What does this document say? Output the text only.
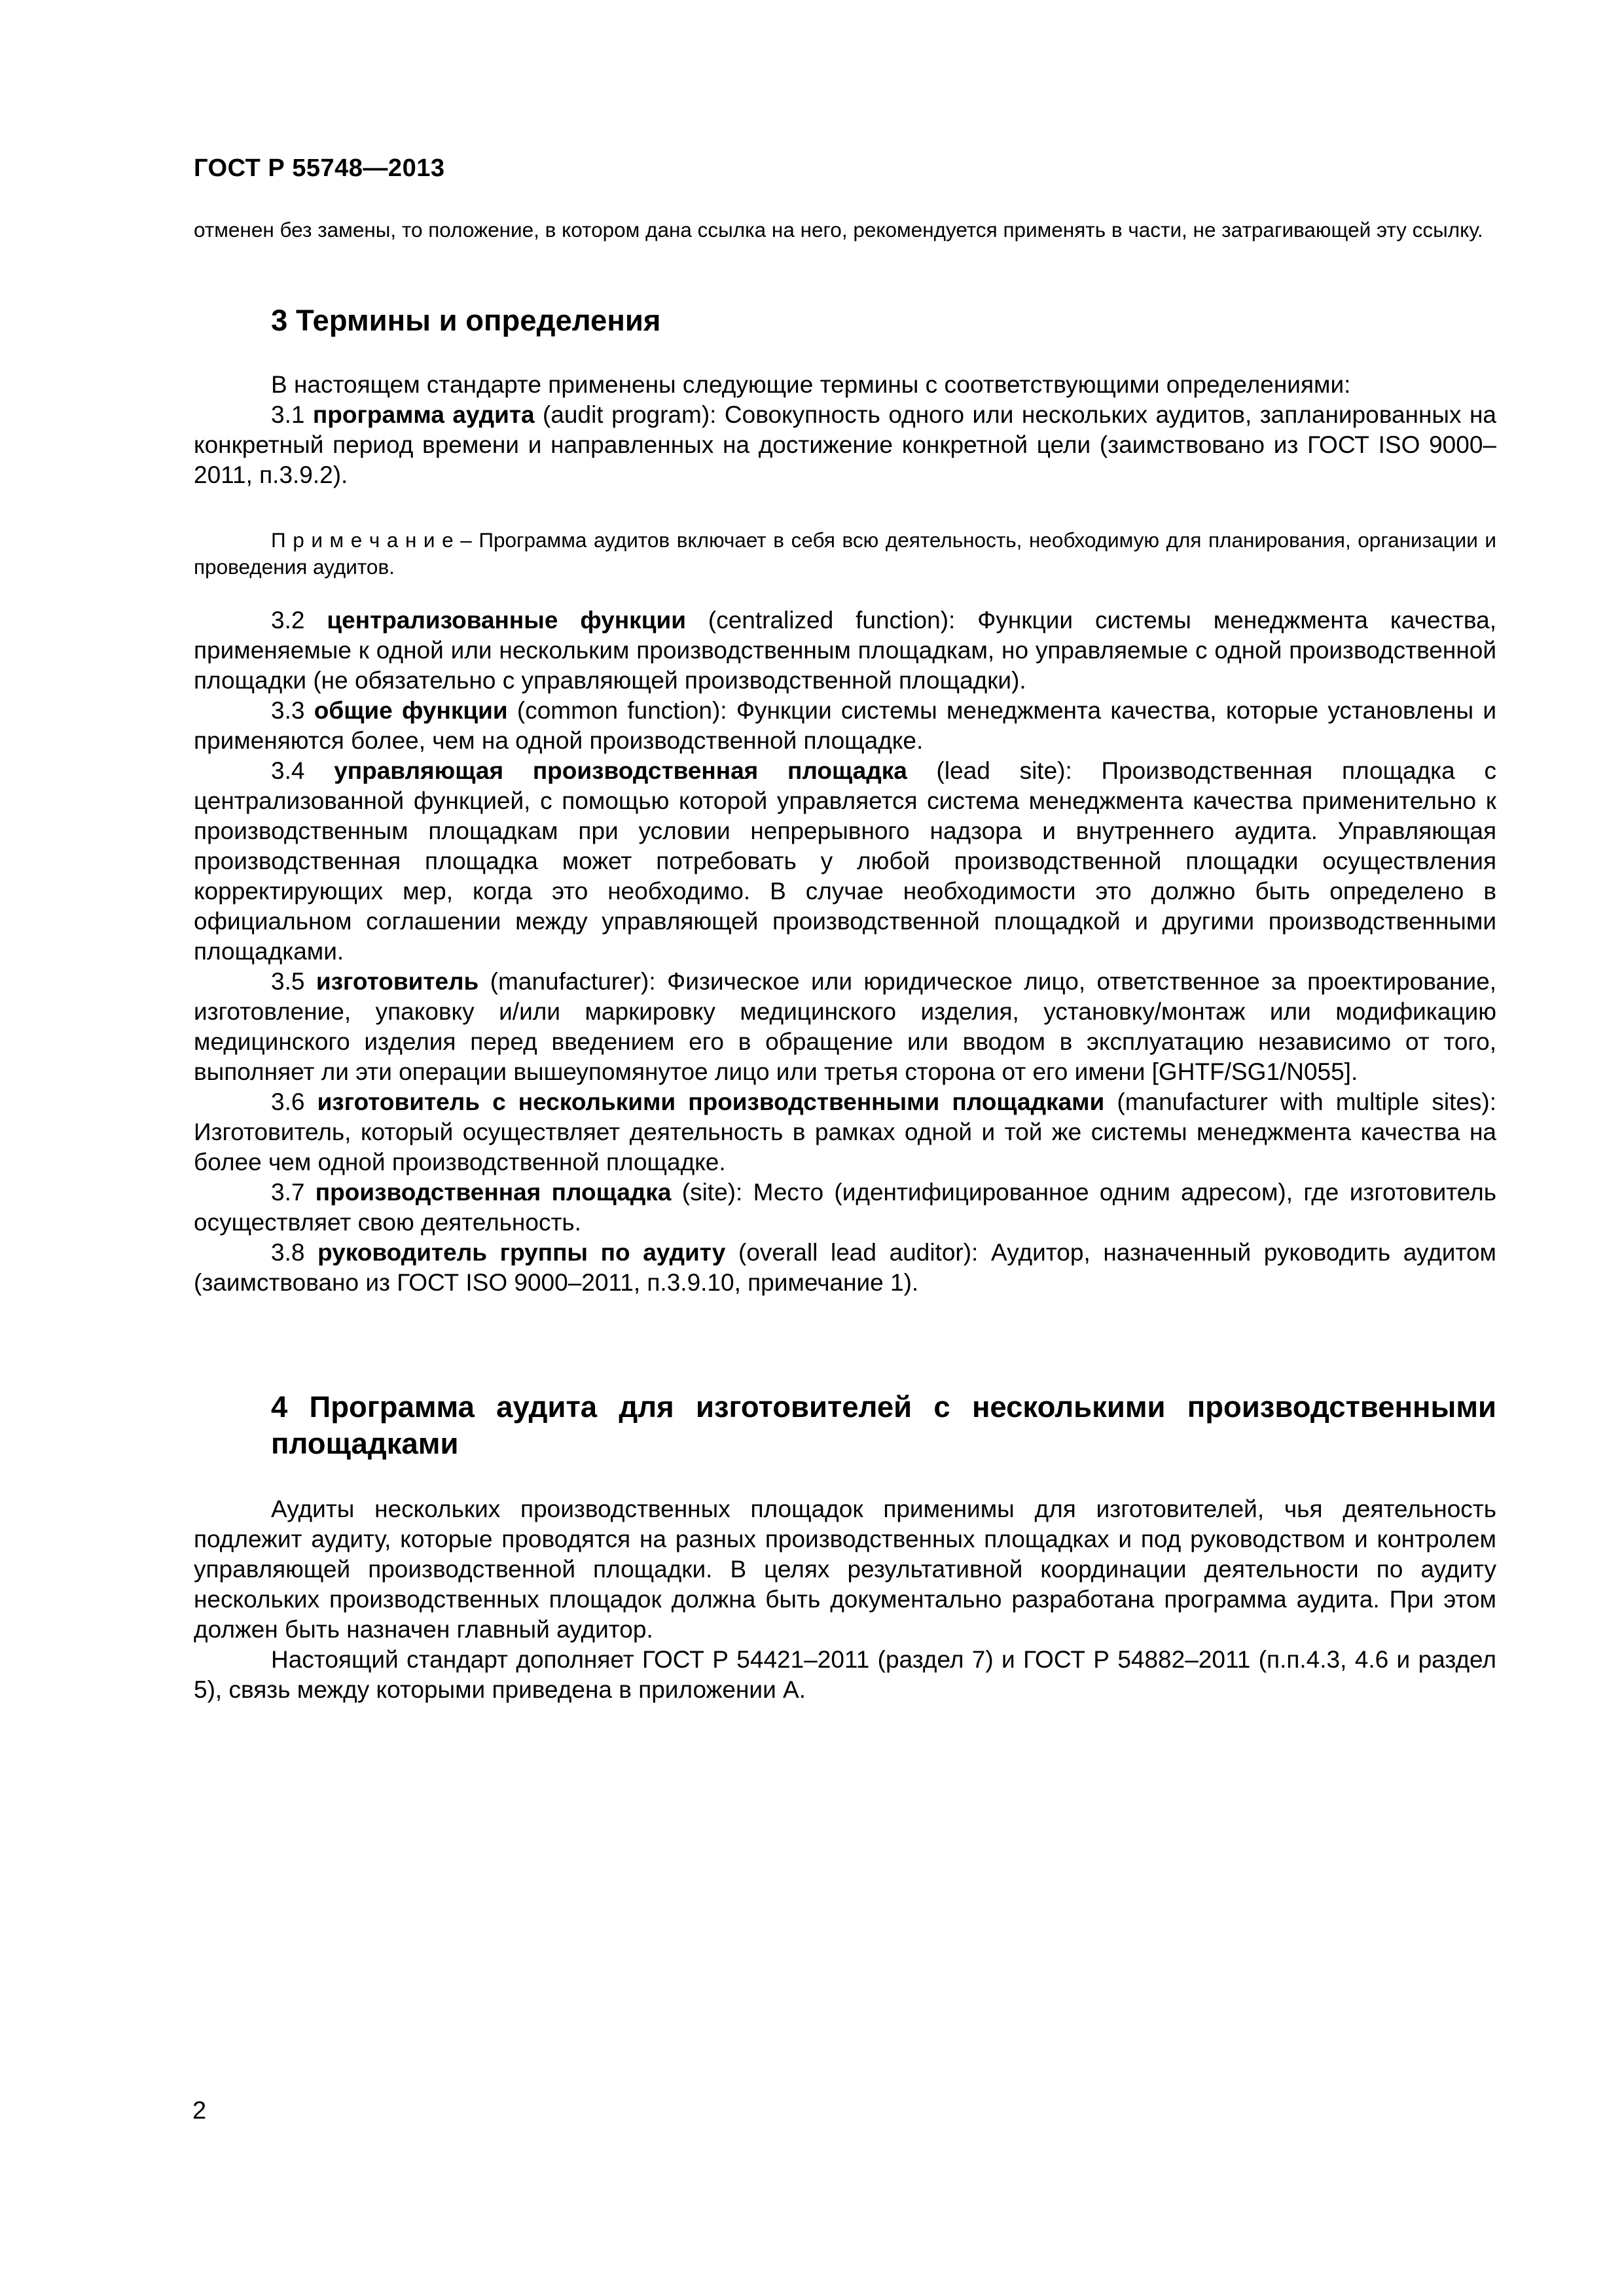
ГОСТ Р 55748—2013

отменен без замены, то положение, в котором дана ссылка на него, рекомендуется применять в части, не затрагивающей эту ссылку.

3 Термины и определения

В настоящем стандарте применены следующие термины с соответствующими определениями:

3.1 программа аудита (audit program): Совокупность одного или нескольких аудитов, запланированных на конкретный период времени и направленных на достижение конкретной цели (заимствовано из ГОСТ ISO 9000–2011, п.3.9.2).

П р и м е ч а н и е – Программа аудитов включает в себя всю деятельность, необходимую для планирования, организации и проведения аудитов.

3.2 централизованные функции (centralized function): Функции системы менеджмента качества, применяемые к одной или нескольким производственным площадкам, но управляемые с одной производственной площадки (не обязательно с управляющей производственной площадки).

3.3 общие функции (common function): Функции системы менеджмента качества, которые установлены и применяются более, чем на одной производственной площадке.

3.4 управляющая производственная площадка (lead site): Производственная площадка с централизованной функцией, с помощью которой управляется система менеджмента качества применительно к производственным площадкам при условии непрерывного надзора и внутреннего аудита. Управляющая производственная площадка может потребовать у любой производственной площадки осуществления корректирующих мер, когда это необходимо. В случае необходимости это должно быть определено в официальном соглашении между управляющей производственной площадкой и другими производственными площадками.

3.5 изготовитель (manufacturer): Физическое или юридическое лицо, ответственное за проектирование, изготовление, упаковку и/или маркировку медицинского изделия, установку/монтаж или модификацию медицинского изделия перед введением его в обращение или вводом в эксплуатацию независимо от того, выполняет ли эти операции вышеупомянутое лицо или третья сторона от его имени [GHTF/SG1/N055].

3.6 изготовитель с несколькими производственными площадками (manufacturer with multiple sites): Изготовитель, который осуществляет деятельность в рамках одной и той же системы менеджмента качества на более чем одной производственной площадке.

3.7 производственная площадка (site): Место (идентифицированное одним адресом), где изготовитель осуществляет свою деятельность.

3.8 руководитель группы по аудиту (overall lead auditor): Аудитор, назначенный руководить аудитом (заимствовано из ГОСТ ISO 9000–2011, п.3.9.10, примечание 1).

4 Программа аудита для изготовителей с несколькими производственными площадками

Аудиты нескольких производственных площадок применимы для изготовителей, чья деятельность подлежит аудиту, которые проводятся на разных производственных площадках и под руководством и контролем управляющей производственной площадки. В целях результативной координации деятельности по аудиту нескольких производственных площадок должна быть документально разработана программа аудита. При этом должен быть назначен главный аудитор.

Настоящий стандарт дополняет ГОСТ Р 54421–2011 (раздел 7) и ГОСТ Р 54882–2011 (п.п.4.3, 4.6 и раздел 5), связь между которыми приведена в приложении А.

2
